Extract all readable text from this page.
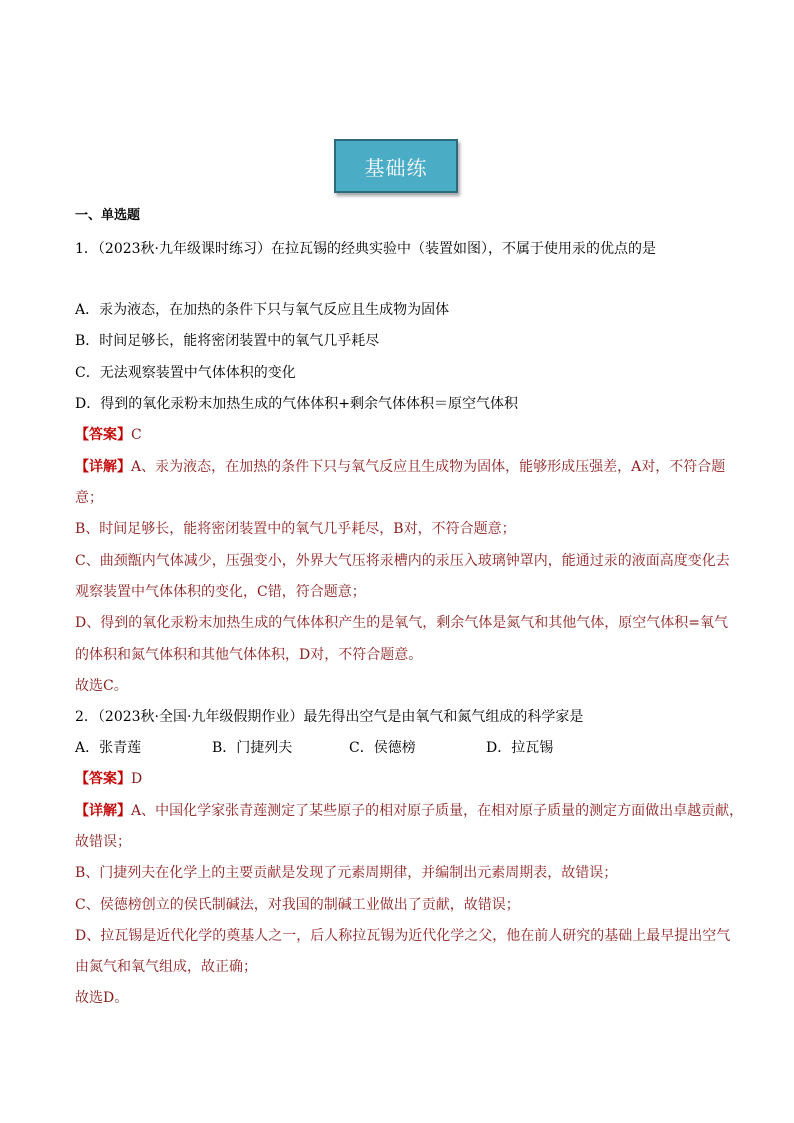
基础练
一、单选题
1．（2023秋·九年级课时练习）在拉瓦锡的经典实验中（装置如图），不属于使用汞的优点的是
A．汞为液态，在加热的条件下只与氧气反应且生成物为固体
B．时间足够长，能将密闭装置中的氧气几乎耗尽
C．无法观察装置中气体体积的变化
D．得到的氧化汞粉末加热生成的气体体积+剩余气体体积＝原空气体积
【答案】C
【详解】A、汞为液态，在加热的条件下只与氧气反应且生成物为固体，能够形成压强差，A对，不符合题
意；
B、时间足够长，能将密闭装置中的氧气几乎耗尽，B对，不符合题意；
C、曲颈甑内气体减少，压强变小，外界大气压将汞槽内的汞压入玻璃钟罩内，能通过汞的液面高度变化去
观察装置中气体体积的变化，C错，符合题意；
D、得到的氧化汞粉末加热生成的气体体积产生的是氧气，剩余气体是氮气和其他气体，原空气体积=氧气
的体积和氮气体积和其他气体体积，D对，不符合题意。
故选C。
2．（2023秋·全国·九年级假期作业）最先得出空气是由氧气和氮气组成的科学家是
A．张青莲	B．门捷列夫	C．侯德榜	D．拉瓦锡
【答案】D
【详解】A、中国化学家张青莲测定了某些原子的相对原子质量，在相对原子质量的测定方面做出卓越贡献，
故错误；
B、门捷列夫在化学上的主要贡献是发现了元素周期律，并编制出元素周期表，故错误；
C、侯德榜创立的侯氏制碱法，对我国的制碱工业做出了贡献，故错误；
D、拉瓦锡是近代化学的奠基人之一，后人称拉瓦锡为近代化学之父，他在前人研究的基础上最早提出空气
由氮气和氧气组成，故正确；
故选D。
